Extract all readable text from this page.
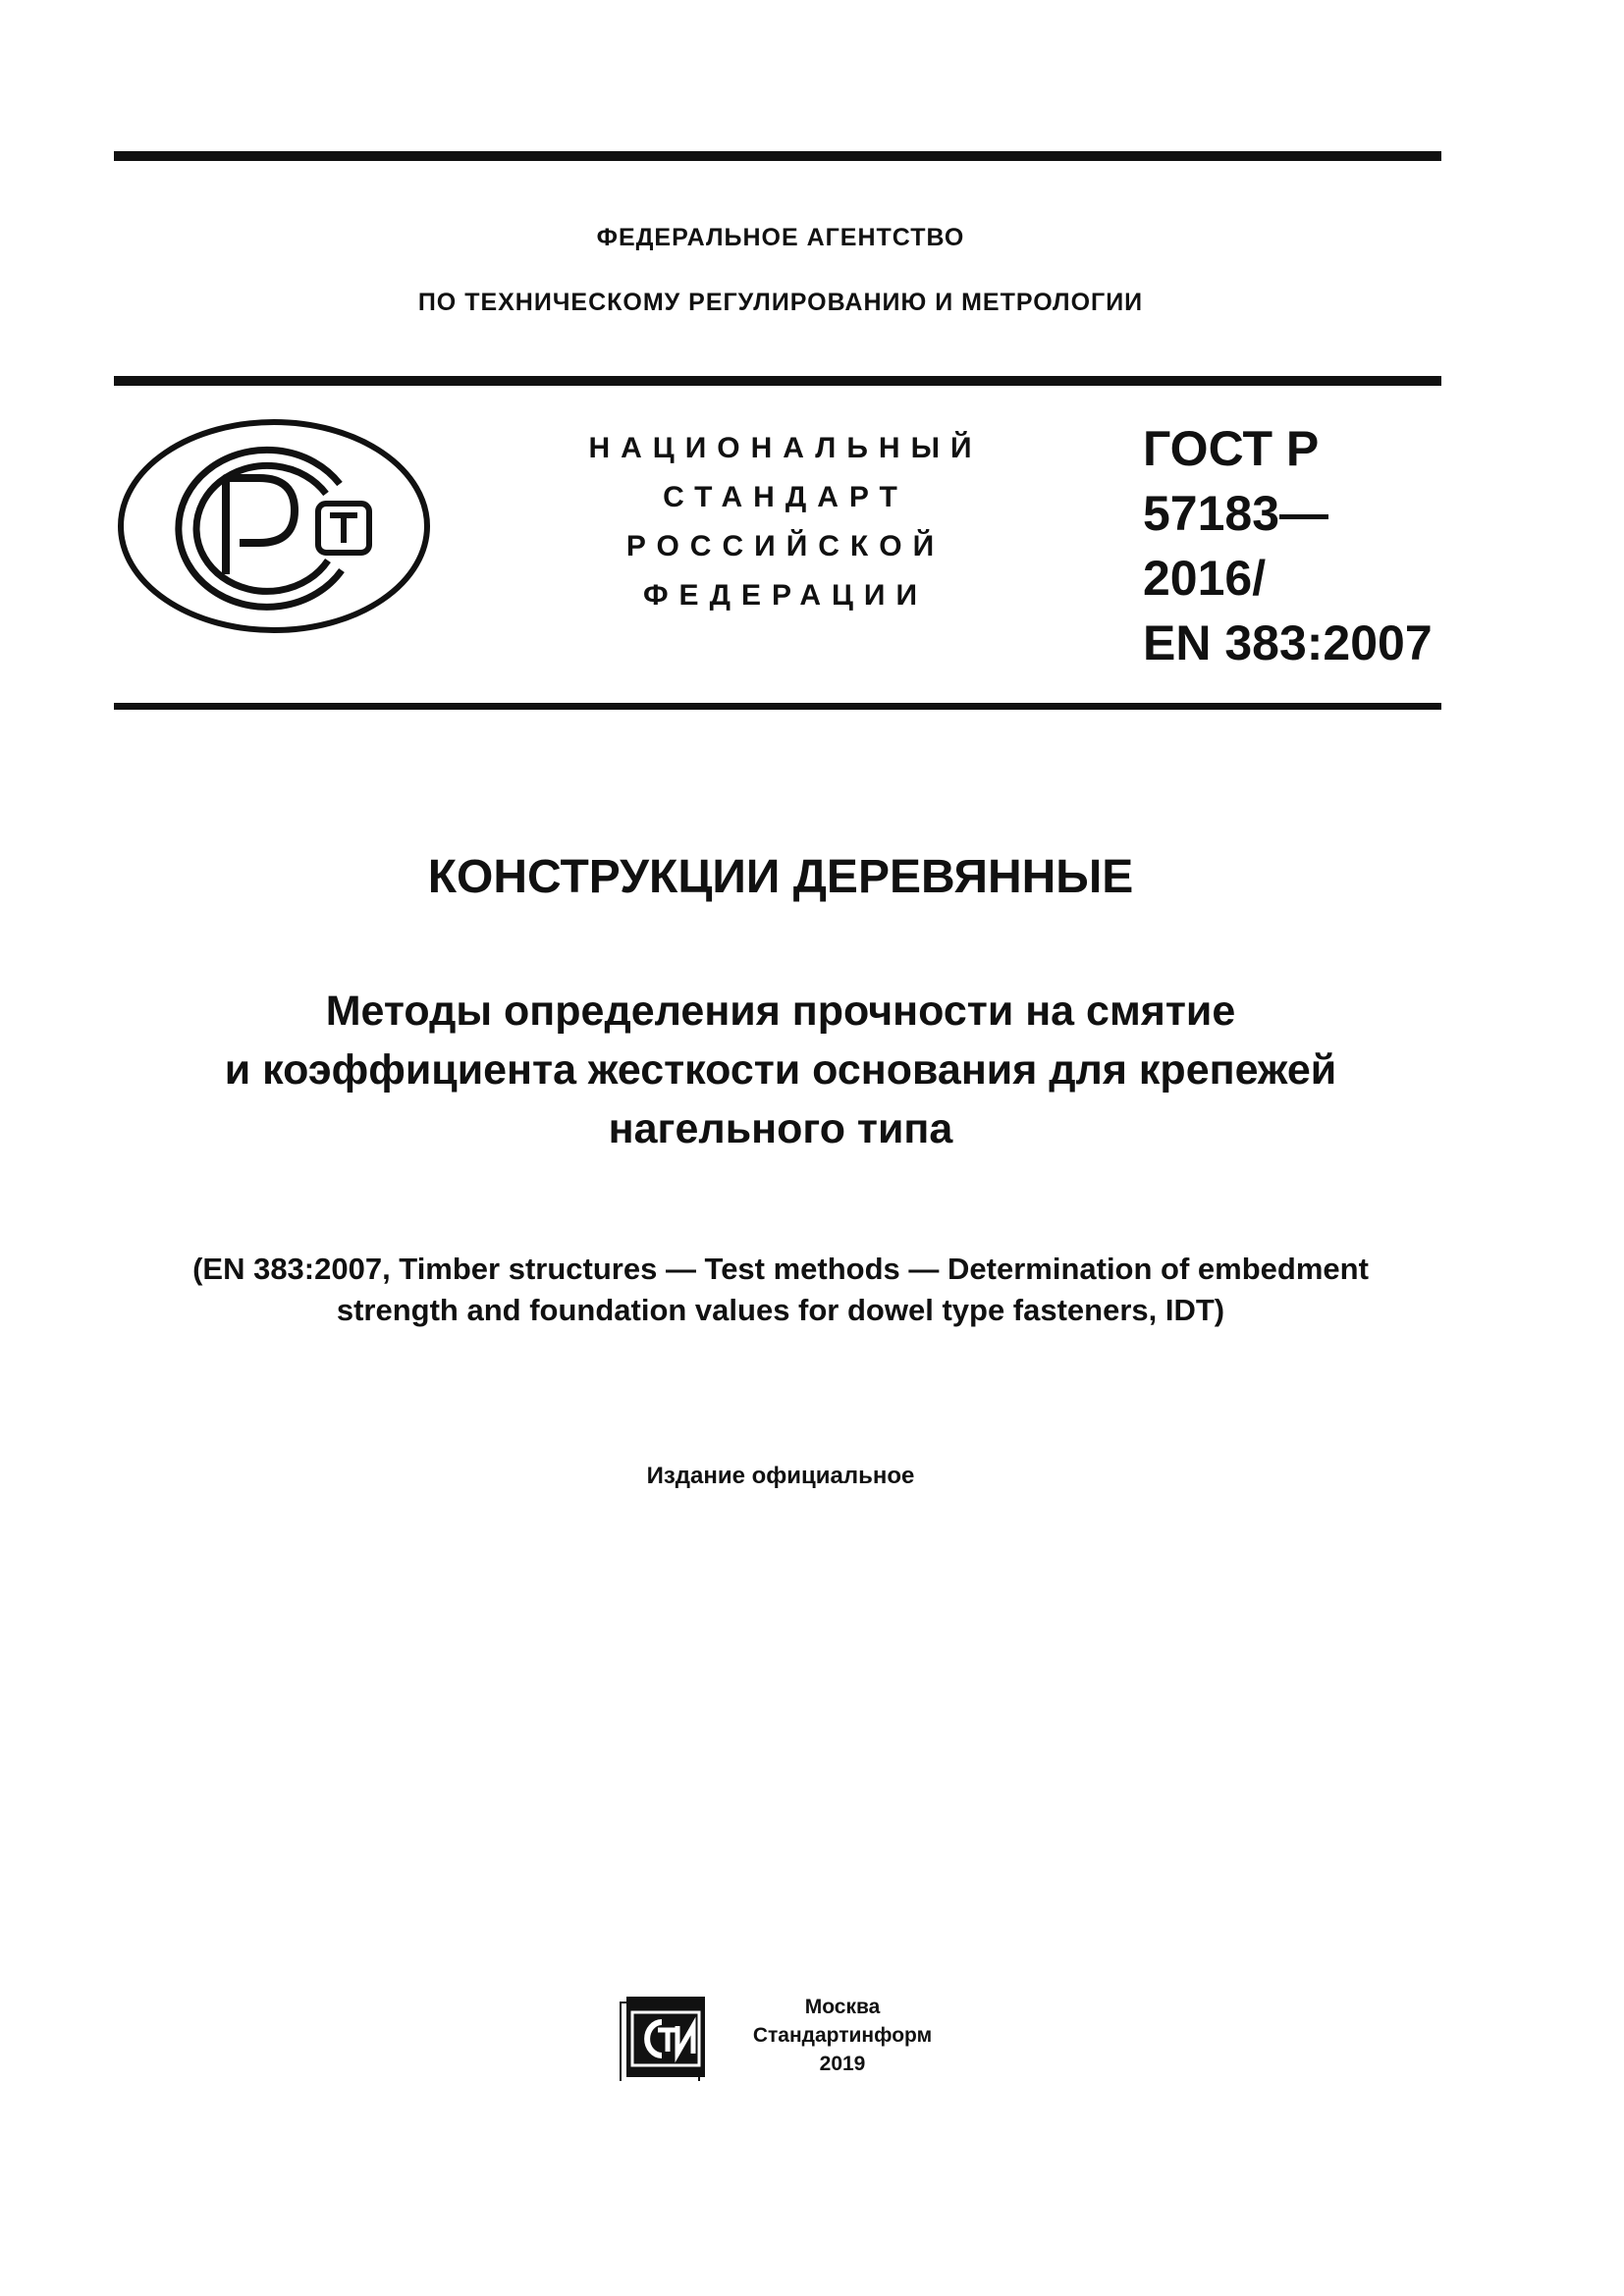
ФЕДЕРАЛЬНОЕ АГЕНТСТВО
ПО ТЕХНИЧЕСКОМУ РЕГУЛИРОВАНИЮ И МЕТРОЛОГИИ
НАЦИОНАЛЬНЫЙ
СТАНДАРТ
РОССИЙСКОЙ
ФЕДЕРАЦИИ
ГОСТ Р
57183—
2016/
EN 383:2007
КОНСТРУКЦИИ ДЕРЕВЯННЫЕ
Методы определения прочности на смятие
и коэффициента жесткости основания для крепежей
нагельного типа
(EN 383:2007, Timber structures — Test methods — Determination of embedment
strength and foundation values for dowel type fasteners, IDT)
Издание официальное
Москва
Стандартинформ
2019
